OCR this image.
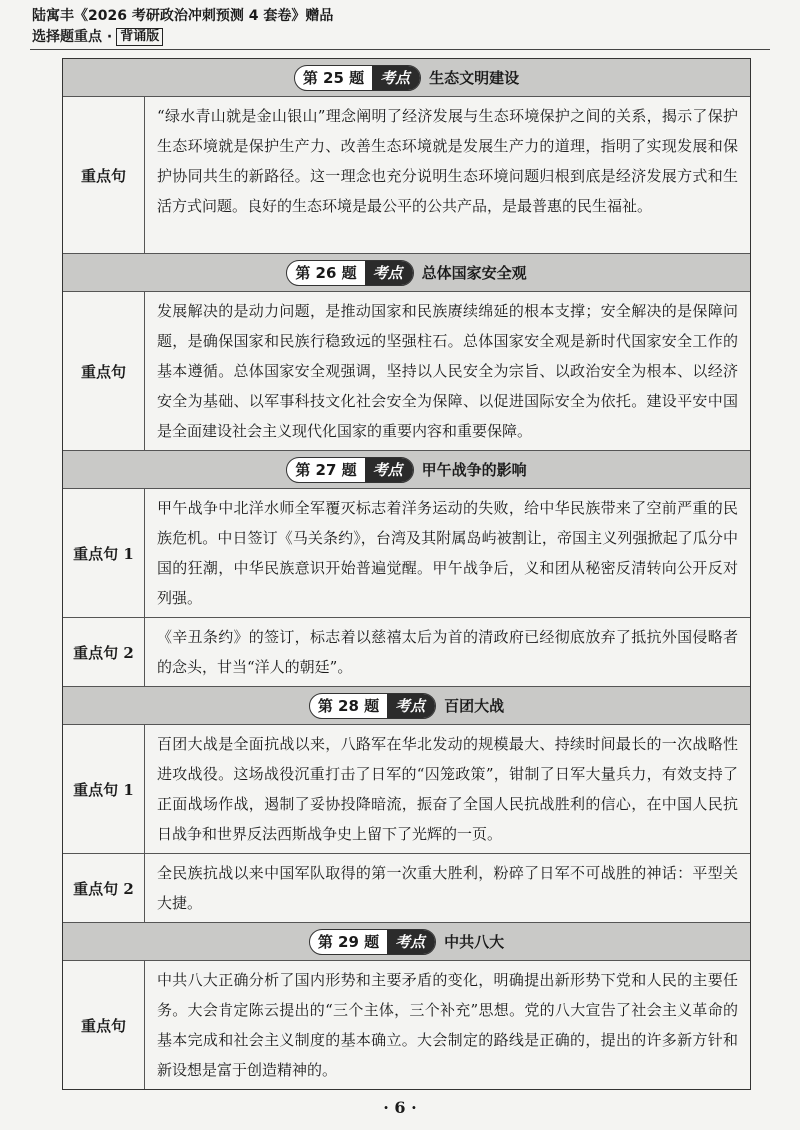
陆寓丰《2026 考研政治冲刺预测 4 套卷》赠品
选择题重点 · 背诵版
第 25 题	考点	生态文明建设
重点句
“绿水青山就是金山银山”理念阐明了经济发展与生态环境保护之间的关系，揭示了保护生态环境就是保护生产力、改善生态环境就是发展生产力的道理，指明了实现发展和保护协同共生的新路径。这一理念也充分说明生态环境问题归根到底是经济发展方式和生活方式问题。良好的生态环境是最公平的公共产品，是最普惠的民生福祉。
第 26 题	考点	总体国家安全观
重点句
发展解决的是动力问题，是推动国家和民族赓续绵延的根本支撑；安全解决的是保障问题，是确保国家和民族行稳致远的坚强柱石。总体国家安全观是新时代国家安全工作的基本遵循。总体国家安全观强调，坚持以人民安全为宗旨、以政治安全为根本、以经济安全为基础、以军事科技文化社会安全为保障、以促进国际安全为依托。建设平安中国是全面建设社会主义现代化国家的重要内容和重要保障。
第 27 题	考点	甲午战争的影响
重点句 1
甲午战争中北洋水师全军覆灭标志着洋务运动的失败，给中华民族带来了空前严重的民族危机。中日签订《马关条约》，台湾及其附属岛屿被割让，帝国主义列强掀起了瓜分中国的狂潮，中华民族意识开始普遍觉醒。甲午战争后，义和团从秘密反清转向公开反对列强。
重点句 2
《辛丑条约》的签订，标志着以慈禧太后为首的清政府已经彻底放弃了抵抗外国侵略者的念头，甘当“洋人的朝廷”。
第 28 题	考点	百团大战
重点句 1
百团大战是全面抗战以来，八路军在华北发动的规模最大、持续时间最长的一次战略性进攻战役。这场战役沉重打击了日军的“囚笼政策”，钳制了日军大量兵力，有效支持了正面战场作战，遏制了妥协投降暗流，振奋了全国人民抗战胜利的信心，在中国人民抗日战争和世界反法西斯战争史上留下了光辉的一页。
重点句 2
全民族抗战以来中国军队取得的第一次重大胜利，粉碎了日军不可战胜的神话：平型关大捷。
第 29 题	考点	中共八大
重点句
中共八大正确分析了国内形势和主要矛盾的变化，明确提出新形势下党和人民的主要任务。大会肯定陈云提出的“三个主体，三个补充”思想。党的八大宣告了社会主义革命的基本完成和社会主义制度的基本确立。大会制定的路线是正确的，提出的许多新方针和新设想是富于创造精神的。
· 6 ·
